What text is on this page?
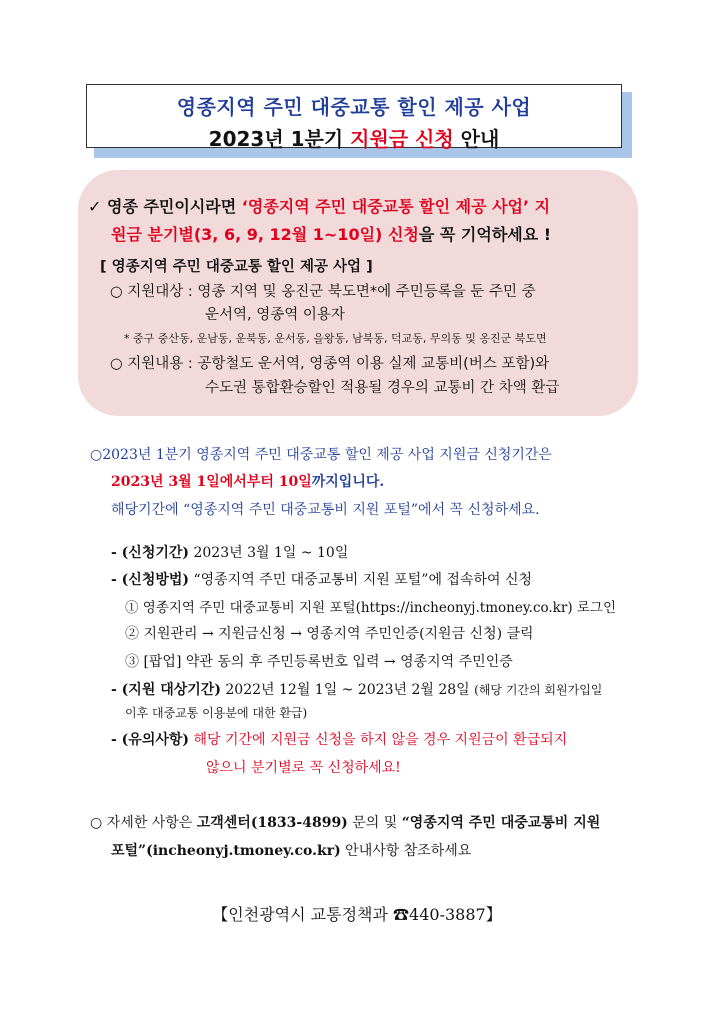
영종지역 주민 대중교통 할인 제공 사업
2023년 1분기 지원금 신청 안내
✓ 영종 주민이시라면 ‘영종지역 주민 대중교통 할인 제공 사업’ 지
원금 분기별(3, 6, 9, 12월 1~10일) 신청을 꼭 기억하세요 !
[ 영종지역 주민 대중교통 할인 제공 사업 ]
○ 지원대상 : 영종 지역 및 옹진군 북도면*에 주민등록을 둔 주민 중
운서역, 영종역 이용자
* 중구 중산동, 운남동, 운북동, 운서동, 을왕동, 남북동, 덕교동, 무의동 및 옹진군 북도면
○ 지원내용 : 공항철도 운서역, 영종역 이용 실제 교통비(버스 포함)와
수도권 통합환승할인 적용될 경우의 교통비 간 차액 환급
○2023년 1분기 영종지역 주민 대중교통 할인 제공 사업 지원금 신청기간은
2023년 3월 1일에서부터 10일까지입니다.
해당기간에 “영종지역 주민 대중교통비 지원 포털”에서 꼭 신청하세요.
- (신청기간) 2023년 3월 1일 ~ 10일
- (신청방법) “영종지역 주민 대중교통비 지원 포털”에 접속하여 신청
① 영종지역 주민 대중교통비 지원 포털(https://incheonyj.tmoney.co.kr) 로그인
② 지원관리 → 지원금신청 → 영종지역 주민인증(지원금 신청) 클릭
③ [팝업] 약관 동의 후 주민등록번호 입력 → 영종지역 주민인증
- (지원 대상기간) 2022년 12월 1일 ~ 2023년 2월 28일 (해당 기간의 회원가입일
이후 대중교통 이용분에 대한 환급)
- (유의사항) 해당 기간에 지원금 신청을 하지 않을 경우 지원금이 환급되지
않으니 분기별로 꼭 신청하세요!
○ 자세한 사항은 고객센터(1833-4899) 문의 및 “영종지역 주민 대중교통비 지원
포털”(incheonyj.tmoney.co.kr) 안내사항 참조하세요
【인천광역시 교통정책과 ☎440-3887】
